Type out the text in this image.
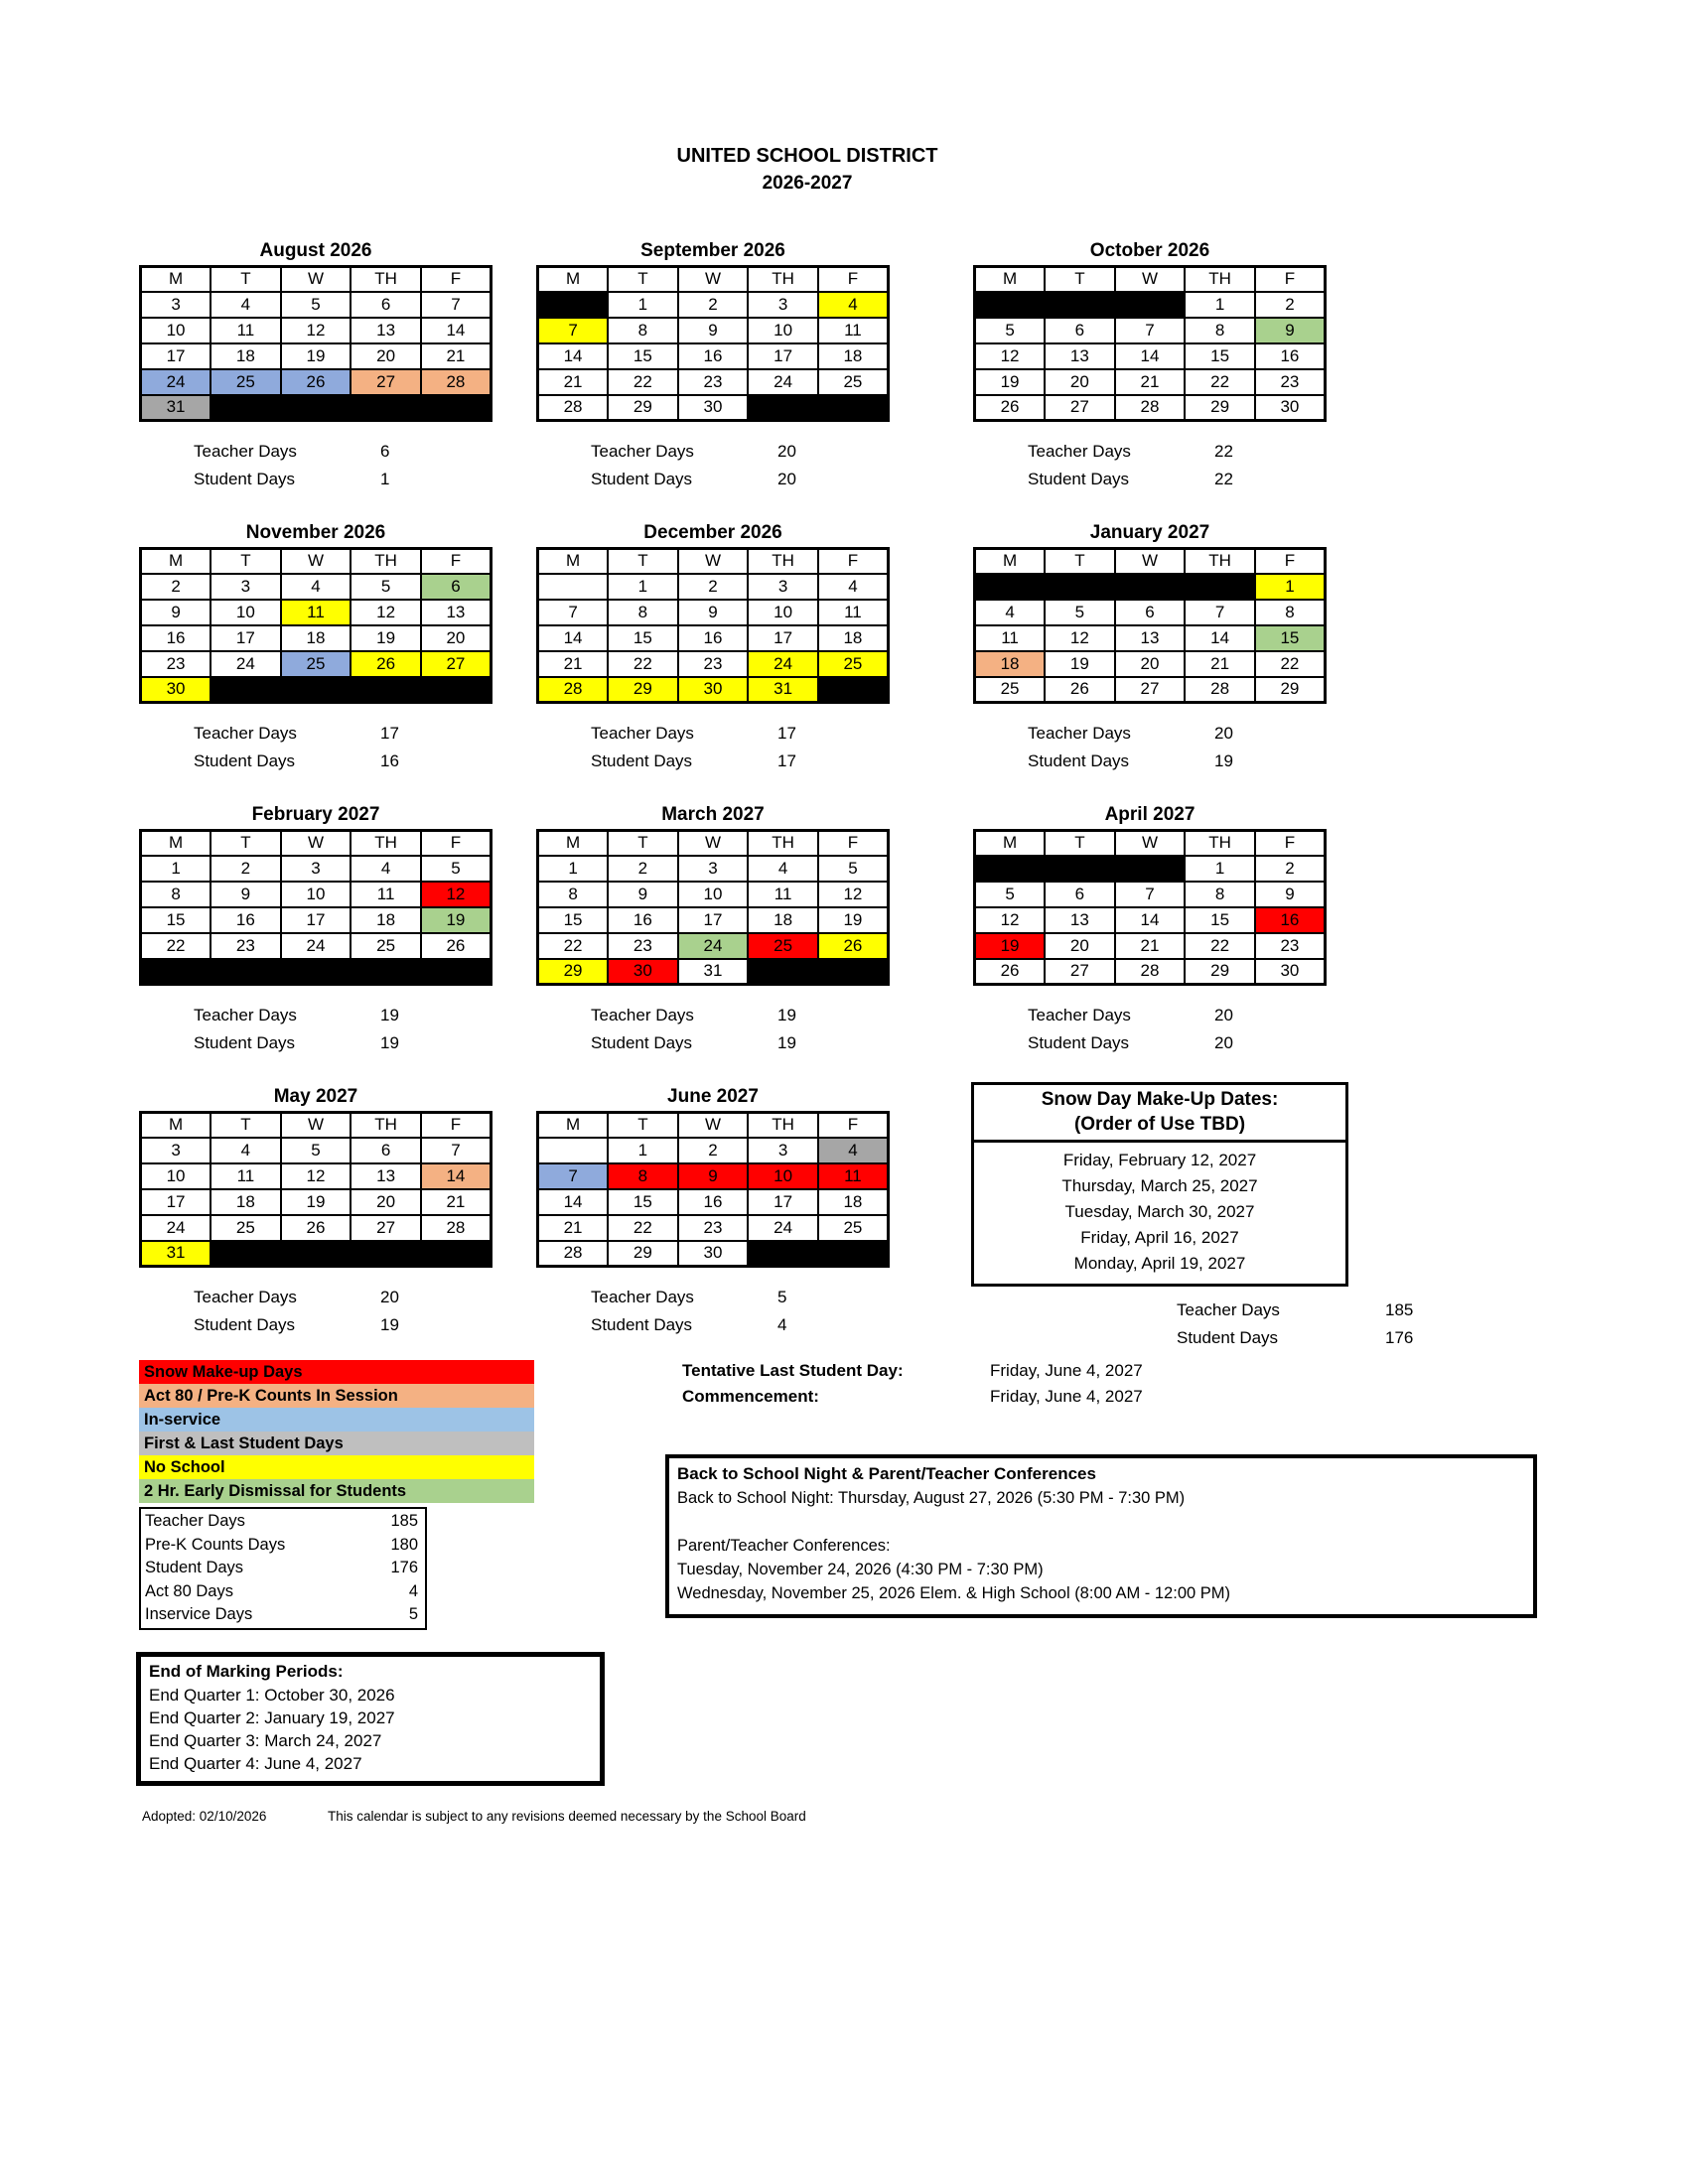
UNITED SCHOOL DISTRICT
2026-2027
August 2026
M	T	W	TH	F
3	4	5	6	7
10	11	12	13	14
17	18	19	20	21
24	25	26	27	28
31				
Teacher Days	6
Student Days	1
September 2026
M	T	W	TH	F
	1	2	3	4
7	8	9	10	11
14	15	16	17	18
21	22	23	24	25
28	29	30		
Teacher Days	20
Student Days	20
October 2026
M	T	W	TH	F
			1	2
5	6	7	8	9
12	13	14	15	16
19	20	21	22	23
26	27	28	29	30
Teacher Days	22
Student Days	22
November 2026
M	T	W	TH	F
2	3	4	5	6
9	10	11	12	13
16	17	18	19	20
23	24	25	26	27
30				
Teacher Days	17
Student Days	16
December 2026
M	T	W	TH	F
	1	2	3	4
7	8	9	10	11
14	15	16	17	18
21	22	23	24	25
28	29	30	31	
Teacher Days	17
Student Days	17
January 2027
M	T	W	TH	F
				1
4	5	6	7	8
11	12	13	14	15
18	19	20	21	22
25	26	27	28	29
Teacher Days	20
Student Days	19
February 2027
M	T	W	TH	F
1	2	3	4	5
8	9	10	11	12
15	16	17	18	19
22	23	24	25	26

Teacher Days	19
Student Days	19
March 2027
M	T	W	TH	F
1	2	3	4	5
8	9	10	11	12
15	16	17	18	19
22	23	24	25	26
29	30	31		
Teacher Days	19
Student Days	19
April 2027
M	T	W	TH	F
			1	2
5	6	7	8	9
12	13	14	15	16
19	20	21	22	23
26	27	28	29	30
Teacher Days	20
Student Days	20
May 2027
M	T	W	TH	F
3	4	5	6	7
10	11	12	13	14
17	18	19	20	21
24	25	26	27	28
31				
Teacher Days	20
Student Days	19
June 2027
M	T	W	TH	F
	1	2	3	4
7	8	9	10	11
14	15	16	17	18
21	22	23	24	25
28	29	30		
Teacher Days	5
Student Days	4
Snow Day Make-Up Dates:
(Order of Use TBD)
Friday, February 12, 2027
Thursday, March 25, 2027
Tuesday, March 30, 2027
Friday, April 16, 2027
Monday, April 19, 2027
Teacher Days	185
Student Days	176
Snow Make-up Days
Act 80 / Pre-K Counts In Session
In-service
First & Last Student Days
No School
2 Hr. Early Dismissal for Students
Teacher Days	185
Pre-K Counts Days	180
Student Days	176
Act 80 Days	4
Inservice Days	5
Tentative Last Student Day:	Friday, June 4, 2027
Commencement:	Friday, June 4, 2027
Back to School Night & Parent/Teacher Conferences
Back to School Night: Thursday, August 27, 2026 (5:30 PM - 7:30 PM)
Parent/Teacher Conferences:
Tuesday, November 24, 2026 (4:30 PM - 7:30 PM)
Wednesday, November 25, 2026 Elem. & High School (8:00 AM - 12:00 PM)
End of Marking Periods:
End Quarter 1: October 30, 2026
End Quarter 2: January 19, 2027
End Quarter 3: March 24, 2027
End Quarter 4: June 4, 2027
Adopted: 02/10/2026	This calendar is subject to any revisions deemed necessary by the School Board
